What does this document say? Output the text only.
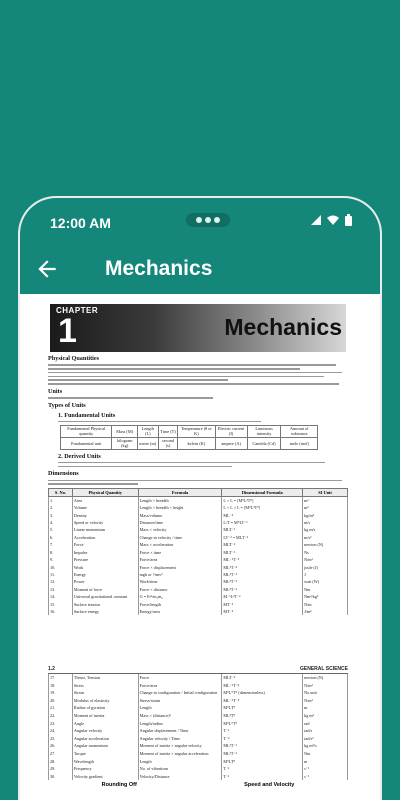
12:00 AM
Mechanics
CHAPTER
1	Mechanics
Physical Quantities
Units
Types of Units
1. Fundamental Units
Fundamental Physical quantity	Mass (M)	Length (L)	Time (T)	Temperature (θ or K)	Electric current (I)	Luminous intensity	Amount of substance
Fundamental unit	kilogram (kg)	metre (m)	second (s)	kelvin (K)	ampere (A)	Candela (Cd)	mole (mol)
2. Derived Units
Dimensions
S. No.	Physical Quantity	Formula	Dimensional Formula	SI Unit
1.	Area	Length × breadth	L × L = [M⁰L²T⁰]	m²
2.	Volume	Length × breadth × height	L × L × L = [M⁰L³T⁰]	m³
3.	Density	Mass/volume	ML⁻³	kg/m³
4.	Speed or velocity	Distance/time	L/T = M⁰LT⁻¹	m/s
5.	Linear momentum	Mass × velocity	MLT⁻¹	kg m/s
6.	Acceleration	Change in velocity / time	LT⁻² = MLT⁻²	m/s²
7.	Force	Mass × acceleration	MLT⁻²	newton (N)
8.	Impulse	Force × time	MLT⁻¹	Ns
9.	Pressure	Force/area	ML⁻¹T⁻²	N/m²
10.	Work	Force × displacement	ML²T⁻²	joule (J)
11.	Energy	mgh or ½mv²	ML²T⁻²	J
12.	Power	Work/time	ML²T⁻³	watt (W)
13.	Moment of force	Force × distance	ML²T⁻²	Nm
14.	Universal gravitational constant	G = Fr²/m₁m₂	M⁻¹L³T⁻²	Nm²/kg²
15.	Surface tension	Force/length	MT⁻²	N/m
16.	Surface energy	Energy/area	MT⁻²	J/m²
1.2	GENERAL SCIENCE
17.	Thrust, Tension	Force	MLT⁻²	newton (N)
18.	Stress	Force/area	ML⁻¹T⁻²	N/m²
19.	Strain	Change in configuration / Initial configuration	M⁰L⁰T⁰ (dimensionless)	No unit
20.	Modulus of elasticity	Stress/strain	ML⁻¹T⁻²	N/m²
21.	Radius of gyration	Length	M⁰LT⁰	m
22.	Moment of inertia	Mass × (distance)²	ML²T⁰	kg m²
23.	Angle	Length/radius	M⁰L⁰T⁰	rad
24.	Angular velocity	Angular displacement / Time	T⁻¹	rad/s
25.	Angular acceleration	Angular velocity / Time	T⁻²	rad/s²
26.	Angular momentum	Moment of inertia × angular velocity	ML²T⁻¹	kg m²/s
27.	Torque	Moment of inertia × angular acceleration	ML²T⁻²	Nm
28.	Wavelength	Length	M⁰LT⁰	m
29.	Frequency	No. of vibrations	T⁻¹	s⁻¹
30.	Velocity gradient	Velocity/Distance	T⁻¹	s⁻¹
Rounding Off	Speed and Velocity
